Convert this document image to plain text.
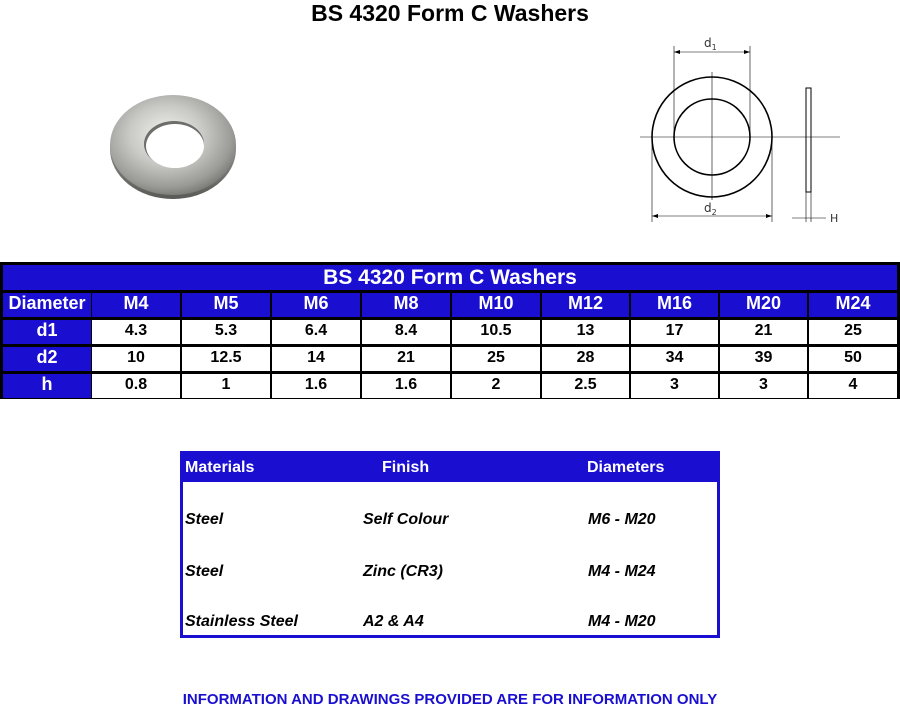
BS 4320 Form C Washers
$d_1$
$d_2$	H
BS 4320 Form C Washers
Diameter	M4	M5	M6	M8	M10	M12	M16	M20	M24
d1	4.3	5.3	6.4	8.4	10.5	13	17	21	25
d2	10	12.5	14	21	25	28	34	39	50
h	0.8	1	1.6	1.6	2	2.5	3	3	4
Materials	Finish	Diameters
Steel	Self Colour	M6 - M20
Steel	Zinc (CR3)	M4 - M24
Stainless Steel	A2 & A4	M4 - M20
INFORMATION AND DRAWINGS PROVIDED ARE FOR INFORMATION ONLY
